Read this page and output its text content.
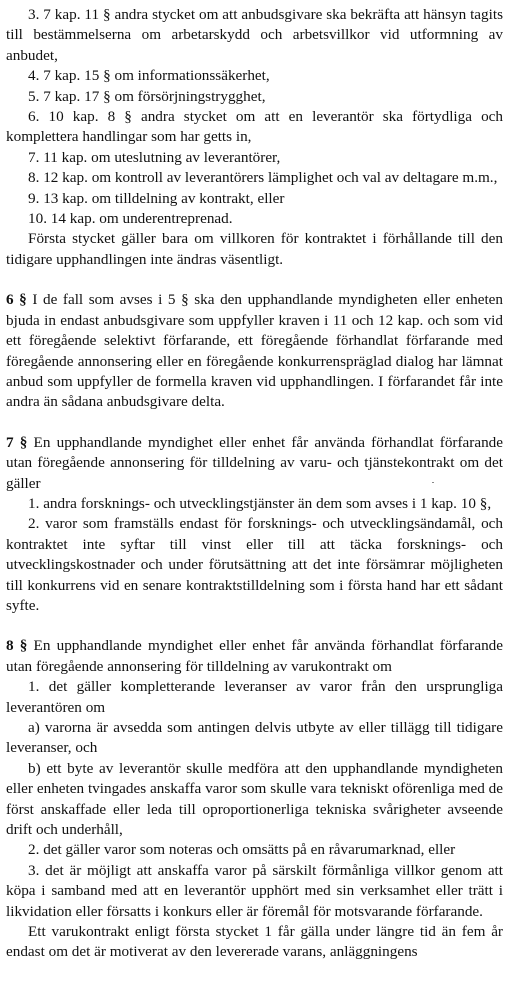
3. 7 kap. 11 § andra stycket om att anbudsgivare ska bekräfta att hänsyn tagits till bestämmelserna om arbetarskydd och arbetsvillkor vid utformning av anbudet,

4. 7 kap. 15 § om informationssäkerhet,

5. 7 kap. 17 § om försörjningstrygghet,

6. 10 kap. 8 § andra stycket om att en leverantör ska förtydliga och komplettera handlingar som har getts in,

7. 11 kap. om uteslutning av leverantörer,

8. 12 kap. om kontroll av leverantörers lämplighet och val av deltagare m.m.,

9. 13 kap. om tilldelning av kontrakt, eller

10. 14 kap. om underentreprenad.

Första stycket gäller bara om villkoren för kontraktet i förhållande till den tidigare upphandlingen inte ändras väsentligt.

6 § I de fall som avses i 5 § ska den upphandlande myndigheten eller enheten bjuda in endast anbudsgivare som uppfyller kraven i 11 och 12 kap. och som vid ett föregående selektivt förfarande, ett föregående förhandlat förfarande med föregående annonsering eller en föregående konkurrenspräglad dialog har lämnat anbud som uppfyller de formella kraven vid upphandlingen. I förfarandet får inte andra än sådana anbudsgivare delta.

7 § En upphandlande myndighet eller enhet får använda förhandlat förfarande utan föregående annonsering för tilldelning av varu- och tjänstekontrakt om det gäller

1. andra forsknings- och utvecklingstjänster än dem som avses i 1 kap. 10 §,

2. varor som framställs endast för forsknings- och utvecklingsändamål, och kontraktet inte syftar till vinst eller till att täcka forsknings- och utvecklingskostnader och under förutsättning att det inte försämrar möjligheten till konkurrens vid en senare kontraktstilldelning som i första hand har ett sådant syfte.

8 § En upphandlande myndighet eller enhet får använda förhandlat förfarande utan föregående annonsering för tilldelning av varukontrakt om

1. det gäller kompletterande leveranser av varor från den ursprungliga leverantören om

a) varorna är avsedda som antingen delvis utbyte av eller tillägg till tidigare leveranser, och

b) ett byte av leverantör skulle medföra att den upphandlande myndigheten eller enheten tvingades anskaffa varor som skulle vara tekniskt oförenliga med de först anskaffade eller leda till oproportionerliga tekniska svårigheter avseende drift och underhåll,

2. det gäller varor som noteras och omsätts på en råvarumarknad, eller

3. det är möjligt att anskaffa varor på särskilt förmånliga villkor genom att köpa i samband med att en leverantör upphört med sin verksamhet eller trätt i likvidation eller försatts i konkurs eller är föremål för motsvarande förfarande.

Ett varukontrakt enligt första stycket 1 får gälla under längre tid än fem år endast om det är motiverat av den levererade varans, anläggningens
